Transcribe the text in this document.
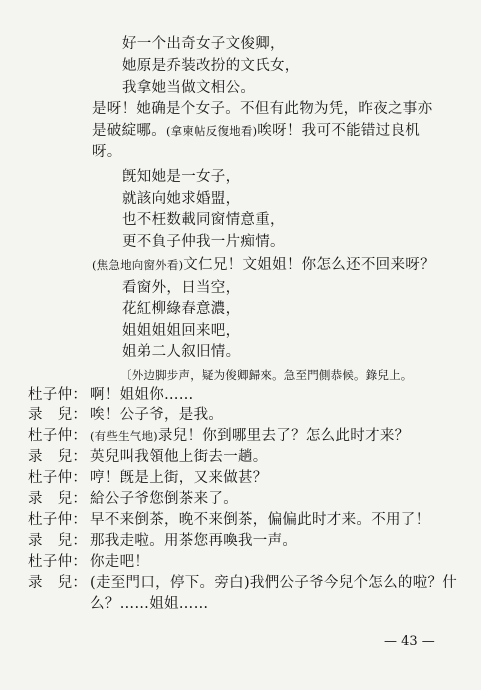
好一个出奇女子文俊卿，
她原是乔装改扮的文氏女，
我拿她当做文相公。
是呀！她确是个女子。不但有此物为凭，昨夜之事亦
是破綻哪。(拿柬帖反復地看)唉呀！我可不能错过良机
呀。
旣知她是一女子，
就該向她求婚盟，
也不枉数載同窗情意重，
更不負子仲我一片痴情。
(焦急地向窗外看)文仁兄！文姐姐！你怎么还不回来呀？
看窗外，日当空，
花紅柳綠春意濃，
姐姐姐姐回来吧，
姐弟二人叙旧情。
〔外边脚步声，疑为俊卿歸來。急至門側恭候。錄兒上。
杜子仲： 啊！姐姐你……
录　兒： 唉！公子爷，是我。
杜子仲： (有些生气地)录兒！你到哪里去了？怎么此时才来？
录　兒： 英兒叫我領他上街去一趟。
杜子仲： 哼！旣是上街，又来做甚？
录　兒： 給公子爷您倒茶来了。
杜子仲： 早不来倒茶，晚不来倒茶，偏偏此时才来。不用了！
录　兒： 那我走啦。用茶您再喚我一声。
杜子仲： 你走吧！
录　兒： (走至門口，停下。旁白)我們公子爷今兒个怎么的啦？什
么？……姐姐……
— 43 —
